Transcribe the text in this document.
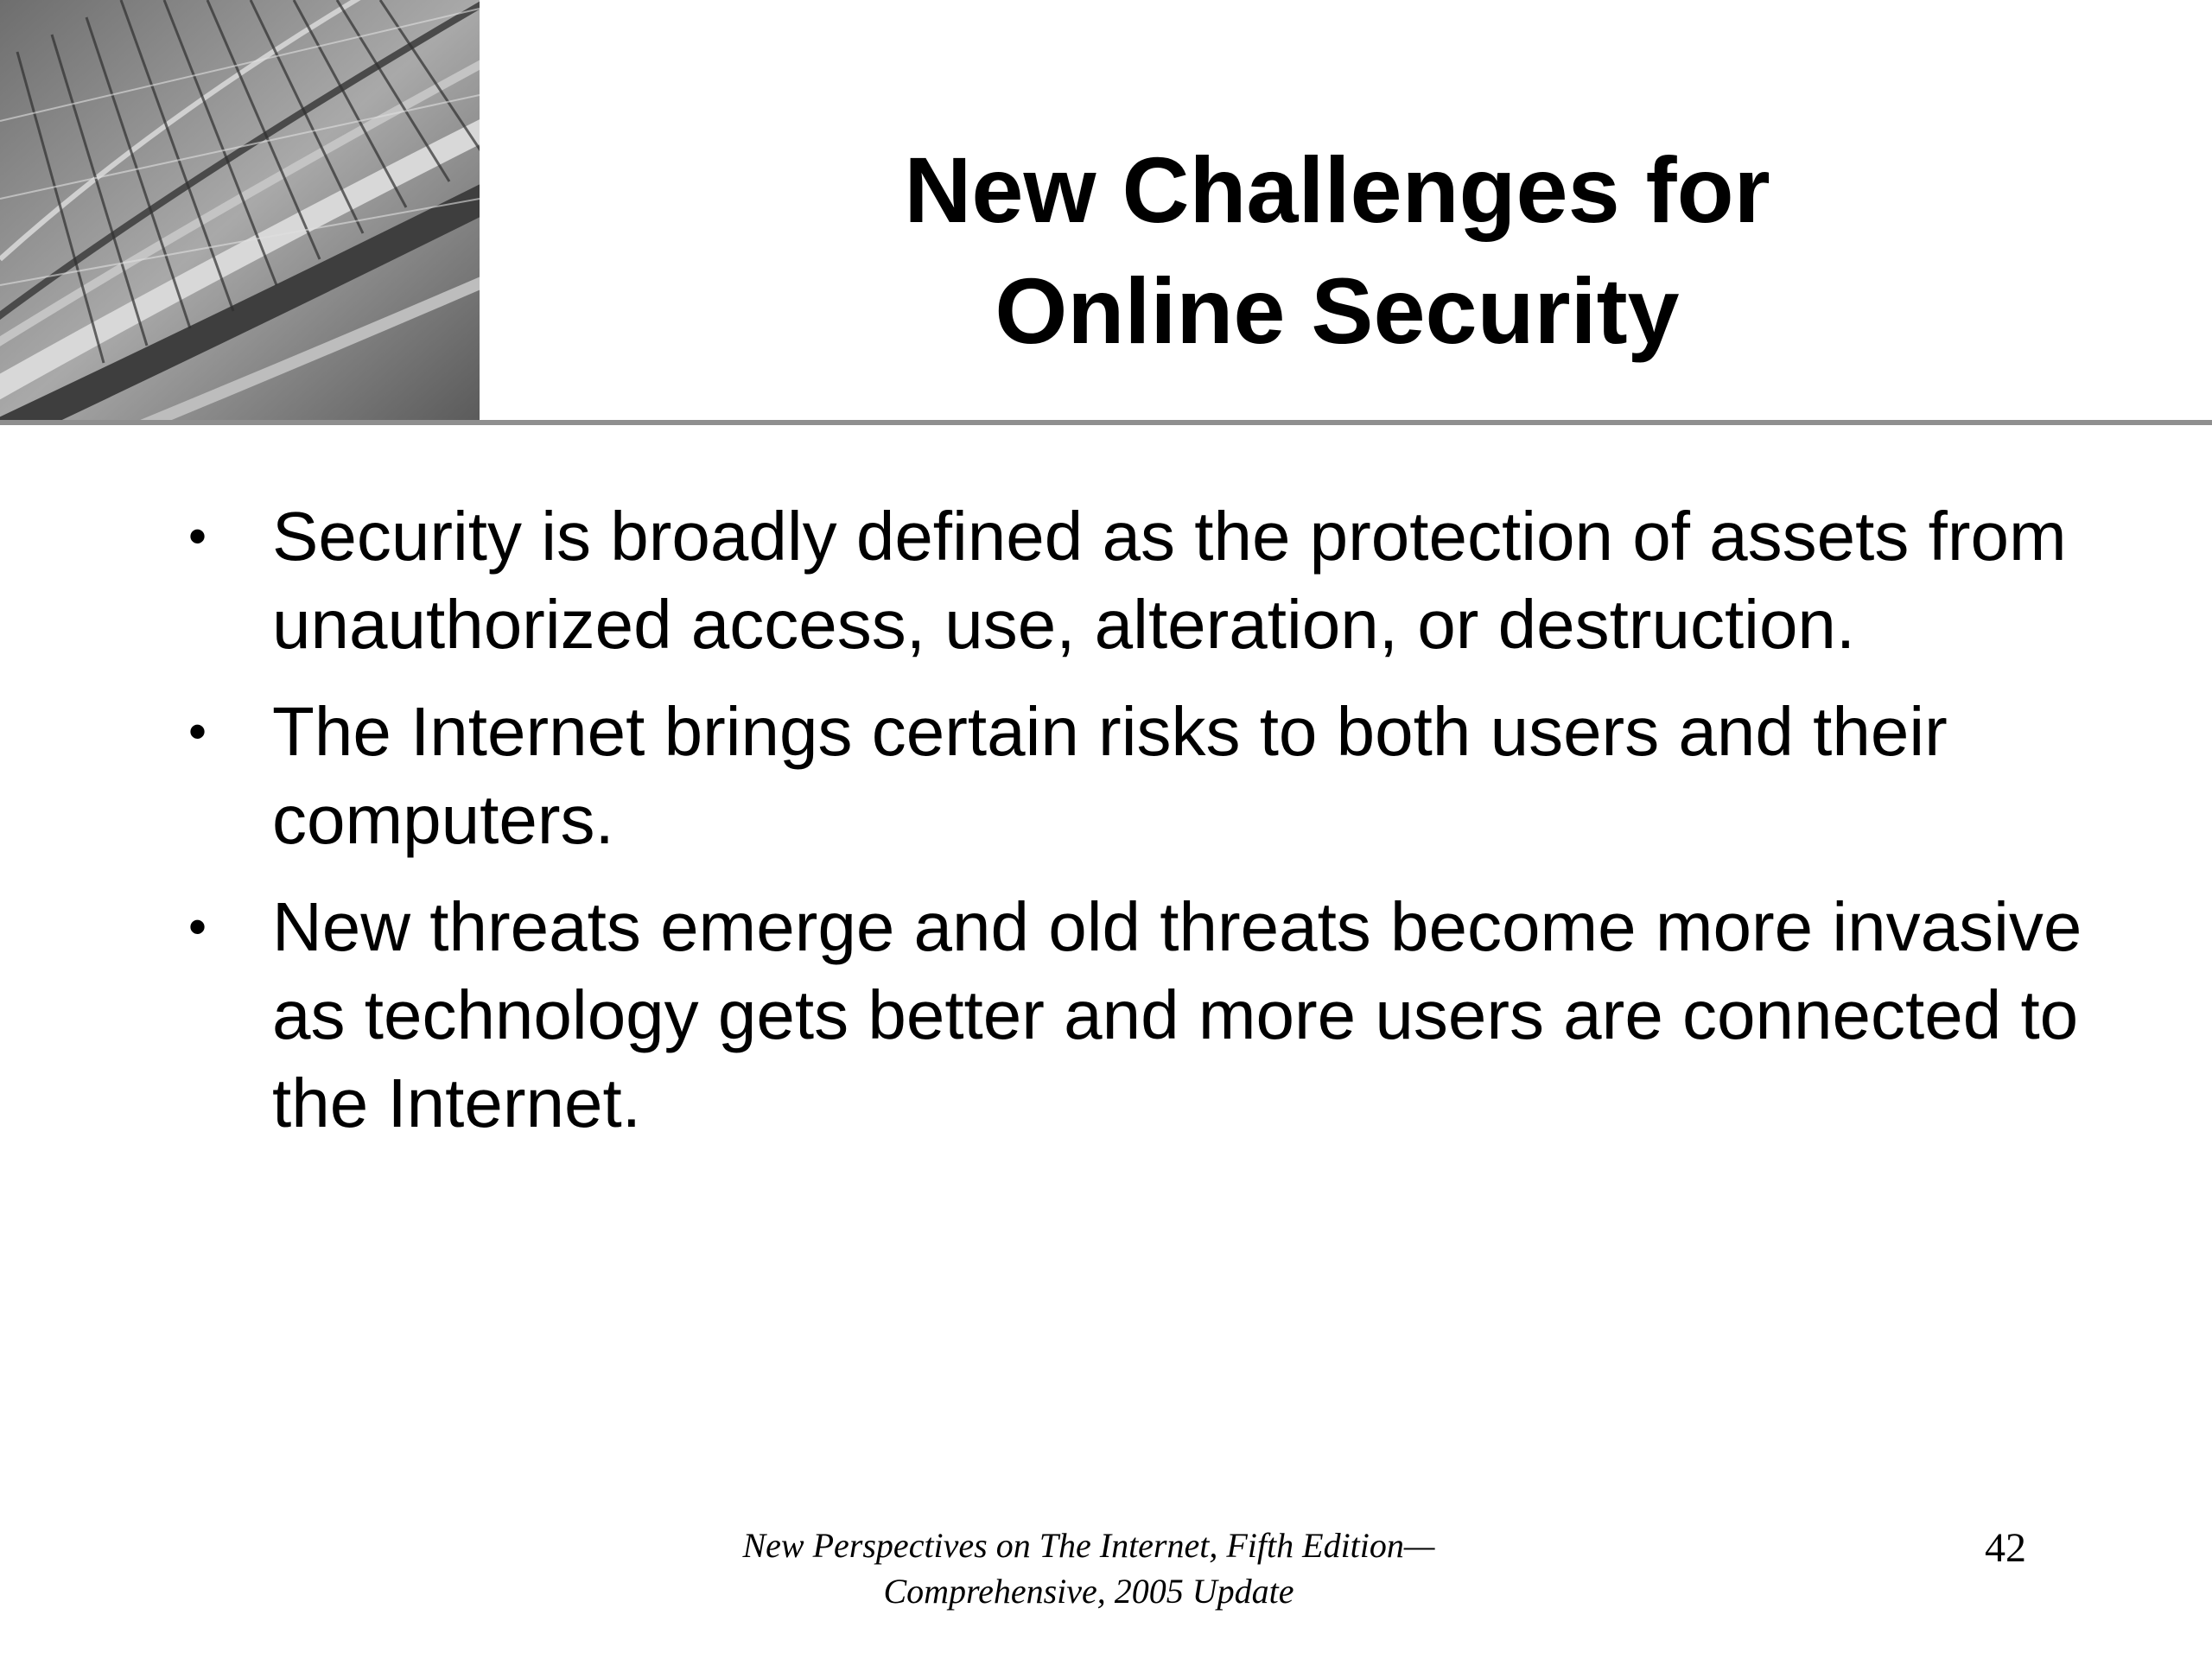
New Challenges for
Online Security
• Security is broadly defined as the protection of assets from unauthorized access, use, alteration, or destruction.
• The Internet brings certain risks to both users and their computers.
• New threats emerge and old threats become more invasive as technology gets better and more users are connected to the Internet.
New Perspectives on The Internet, Fifth Edition—
Comprehensive, 2005 Update
42
